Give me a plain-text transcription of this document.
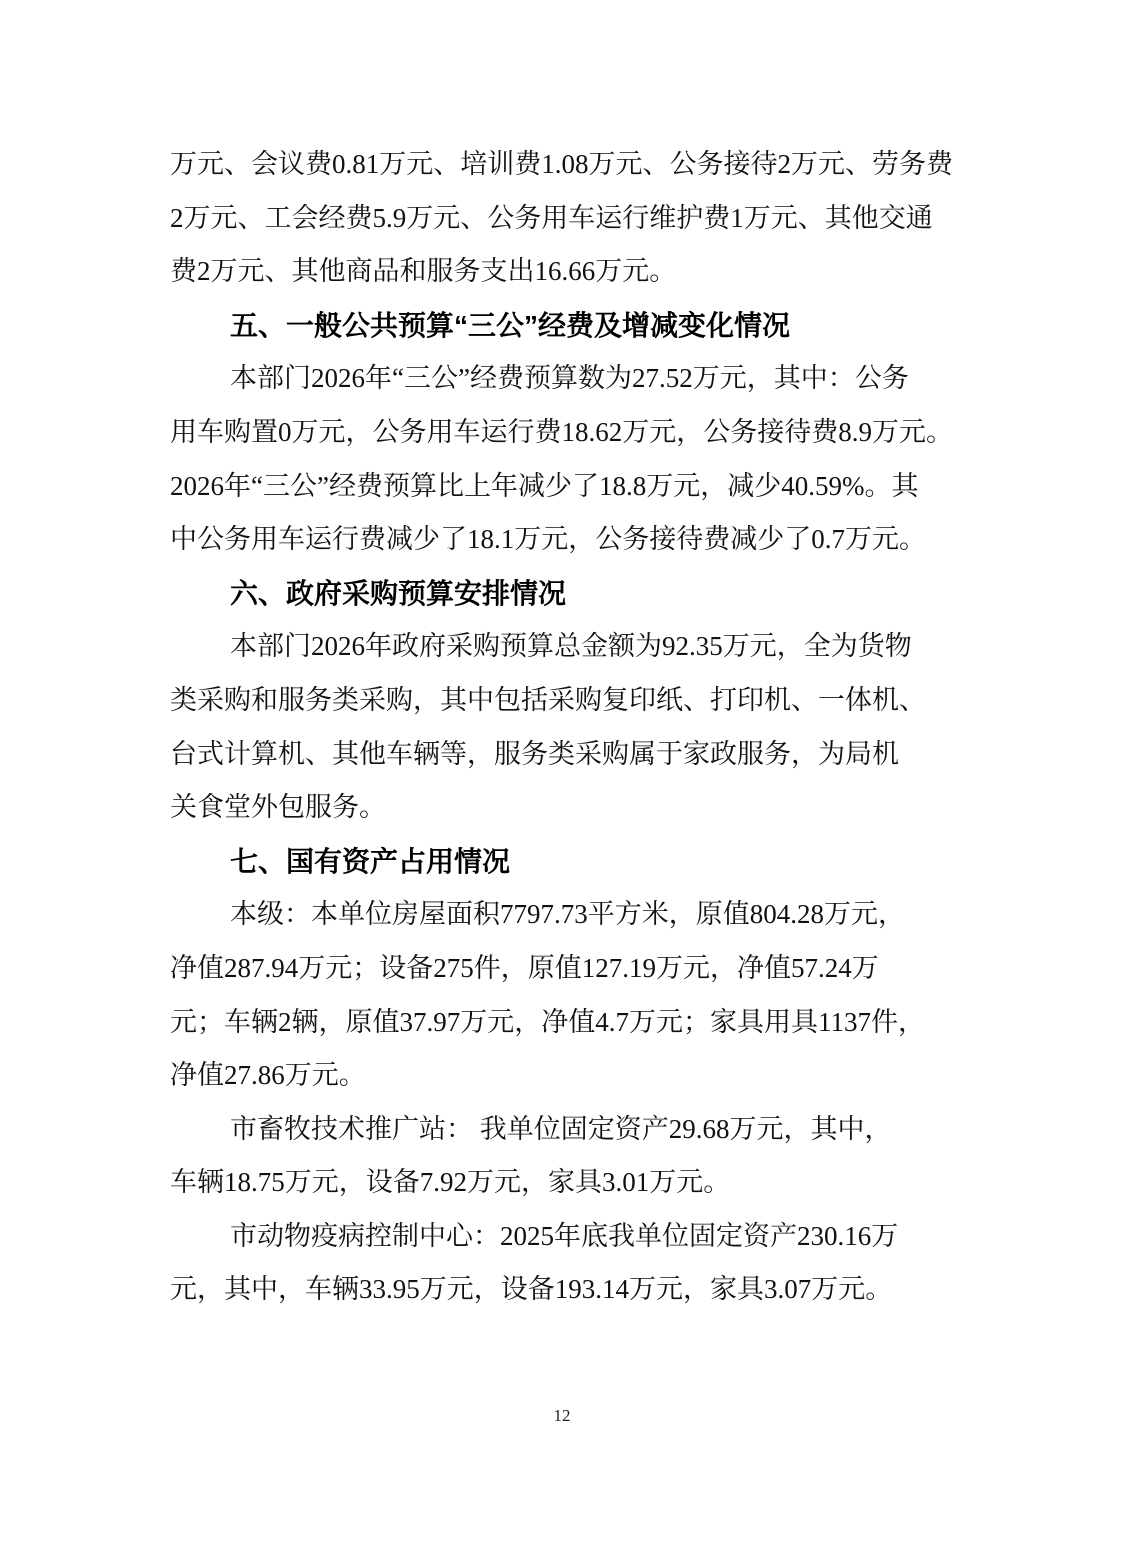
万元、会议费0.81万元、培训费1.08万元、公务接待2万元、劳务费
2万元、工会经费5.9万元、公务用车运行维护费1万元、其他交通
费2万元、其他商品和服务支出16.66万元。
五、一般公共预算“三公”经费及增减变化情况
本部门2026年“三公”经费预算数为27.52万元，其中：公务
用车购置0万元，公务用车运行费18.62万元，公务接待费8.9万元。
2026年“三公”经费预算比上年减少了18.8万元，减少40.59%。其
中公务用车运行费减少了18.1万元，公务接待费减少了0.7万元。
六、政府采购预算安排情况
本部门2026年政府采购预算总金额为92.35万元，全为货物
类采购和服务类采购，其中包括采购复印纸、打印机、一体机、
台式计算机、其他车辆等，服务类采购属于家政服务，为局机
关食堂外包服务。
七、国有资产占用情况
本级：本单位房屋面积7797.73平方米，原值804.28万元，
净值287.94万元；设备275件，原值127.19万元，净值57.24万
元；车辆2辆，原值37.97万元，净值4.7万元；家具用具1137件，
净值27.86万元。
市畜牧技术推广站： 我单位固定资产29.68万元，其中，
车辆18.75万元，设备7.92万元，家具3.01万元。
市动物疫病控制中心：2025年底我单位固定资产230.16万
元，其中，车辆33.95万元，设备193.14万元，家具3.07万元。
12
